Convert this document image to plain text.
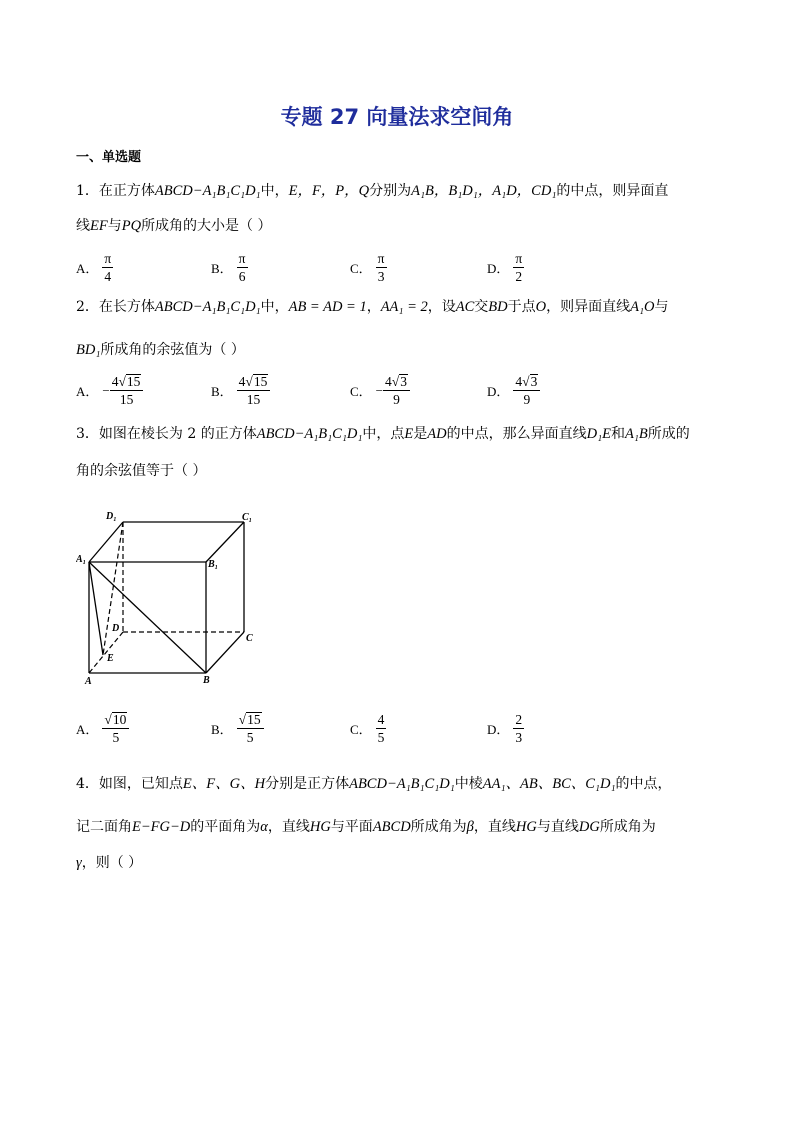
专题 27 向量法求空间角
一、单选题
1．在正方体ABCD−A₁B₁C₁D₁中，E，F，P，Q分别为A₁B，B₁D₁，A₁D，CD₁的中点，则异面直
线EF与PQ所成角的大小是（ ）
A． $\frac{\pi}{4}$	B． $\frac{\pi}{6}$	C． $\frac{\pi}{3}$	D． $\frac{\pi}{2}$
2．在长方体ABCD−A₁B₁C₁D₁中，AB = AD = 1，AA₁ = 2，设AC交BD于点O，则异面直线A₁O与
BD₁所成角的余弦值为（ ）
A． − $\frac{4√15}{15}$	B． $\frac{4√15}{15}$	C． − $\frac{4√3}{9}$	D． $\frac{4√3}{9}$
3．如图在棱长为 2 的正方体ABCD−A₁B₁C₁D₁中，点E是AD的中点，那么异面直线D₁E和A₁B所成的
角的余弦值等于（ ）
D₁	C₁
A₁	B₁
D
C
E
A	B
A． $\frac{√10}{5}$	B． $\frac{√15}{5}$	C． $\frac{4}{5}$	D． $\frac{2}{3}$
4．如图，已知点E、F、G、H分别是正方体ABCD−A₁B₁C₁D₁中棱AA₁、AB、BC、C₁D₁的中点，
记二面角E−FG−D的平面角为α，直线HG与平面ABCD所成角为β，直线HG与直线DG所成角为
γ，则（ ）
